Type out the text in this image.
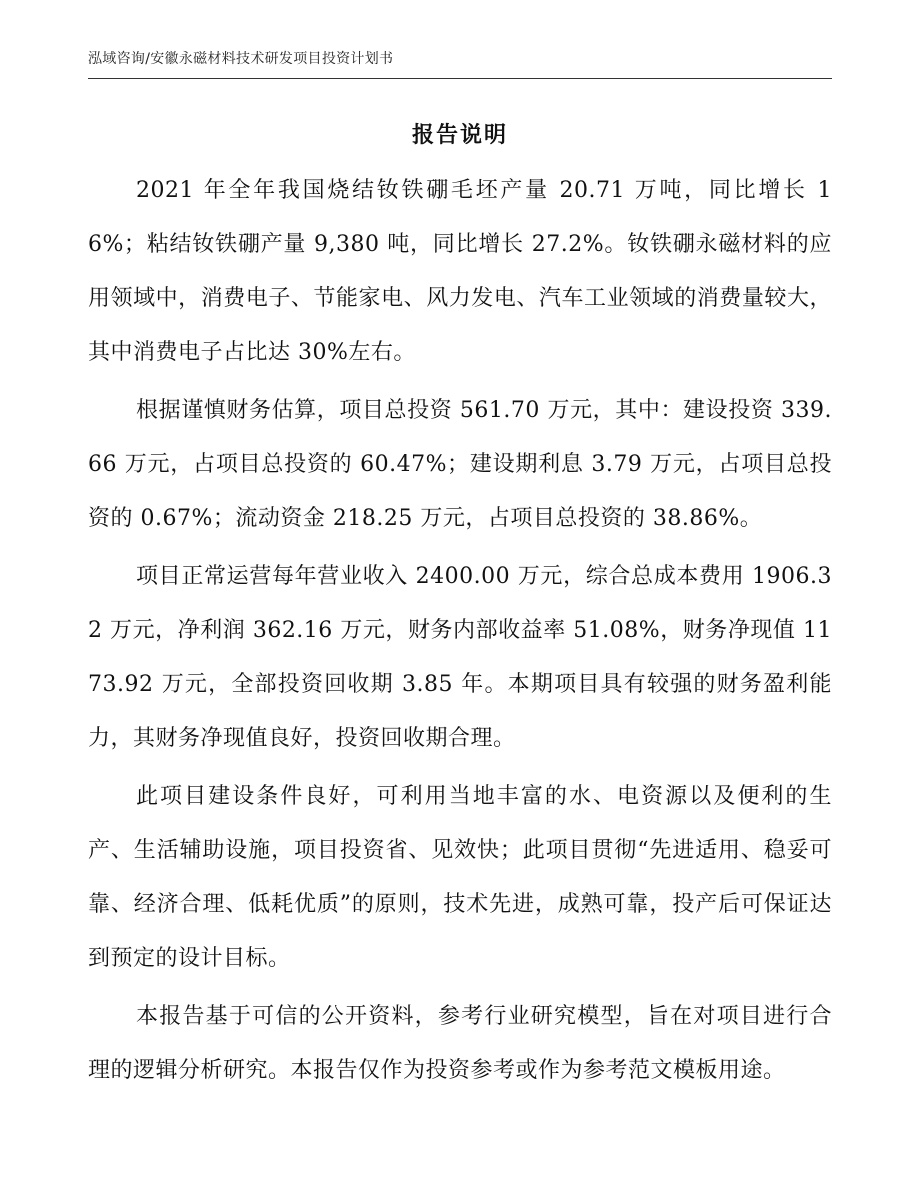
泓域咨询/安徽永磁材料技术研发项目投资计划书
报告说明

2021 年全年我国烧结钕铁硼毛坯产量 20.71 万吨，同比增长 16%；粘结钕铁硼产量 9,380 吨，同比增长 27.2%。钕铁硼永磁材料的应用领域中，消费电子、节能家电、风力发电、汽车工业领域的消费量较大，其中消费电子占比达 30%左右。

根据谨慎财务估算，项目总投资 561.70 万元，其中：建设投资 339.66 万元，占项目总投资的 60.47%；建设期利息 3.79 万元，占项目总投资的 0.67%；流动资金 218.25 万元，占项目总投资的 38.86%。

项目正常运营每年营业收入 2400.00 万元，综合总成本费用 1906.32 万元，净利润 362.16 万元，财务内部收益率 51.08%，财务净现值 1173.92 万元，全部投资回收期 3.85 年。本期项目具有较强的财务盈利能力，其财务净现值良好，投资回收期合理。

此项目建设条件良好，可利用当地丰富的水、电资源以及便利的生产、生活辅助设施，项目投资省、见效快；此项目贯彻“先进适用、稳妥可靠、经济合理、低耗优质”的原则，技术先进，成熟可靠，投产后可保证达到预定的设计目标。

本报告基于可信的公开资料，参考行业研究模型，旨在对项目进行合理的逻辑分析研究。本报告仅作为投资参考或作为参考范文模板用途。
